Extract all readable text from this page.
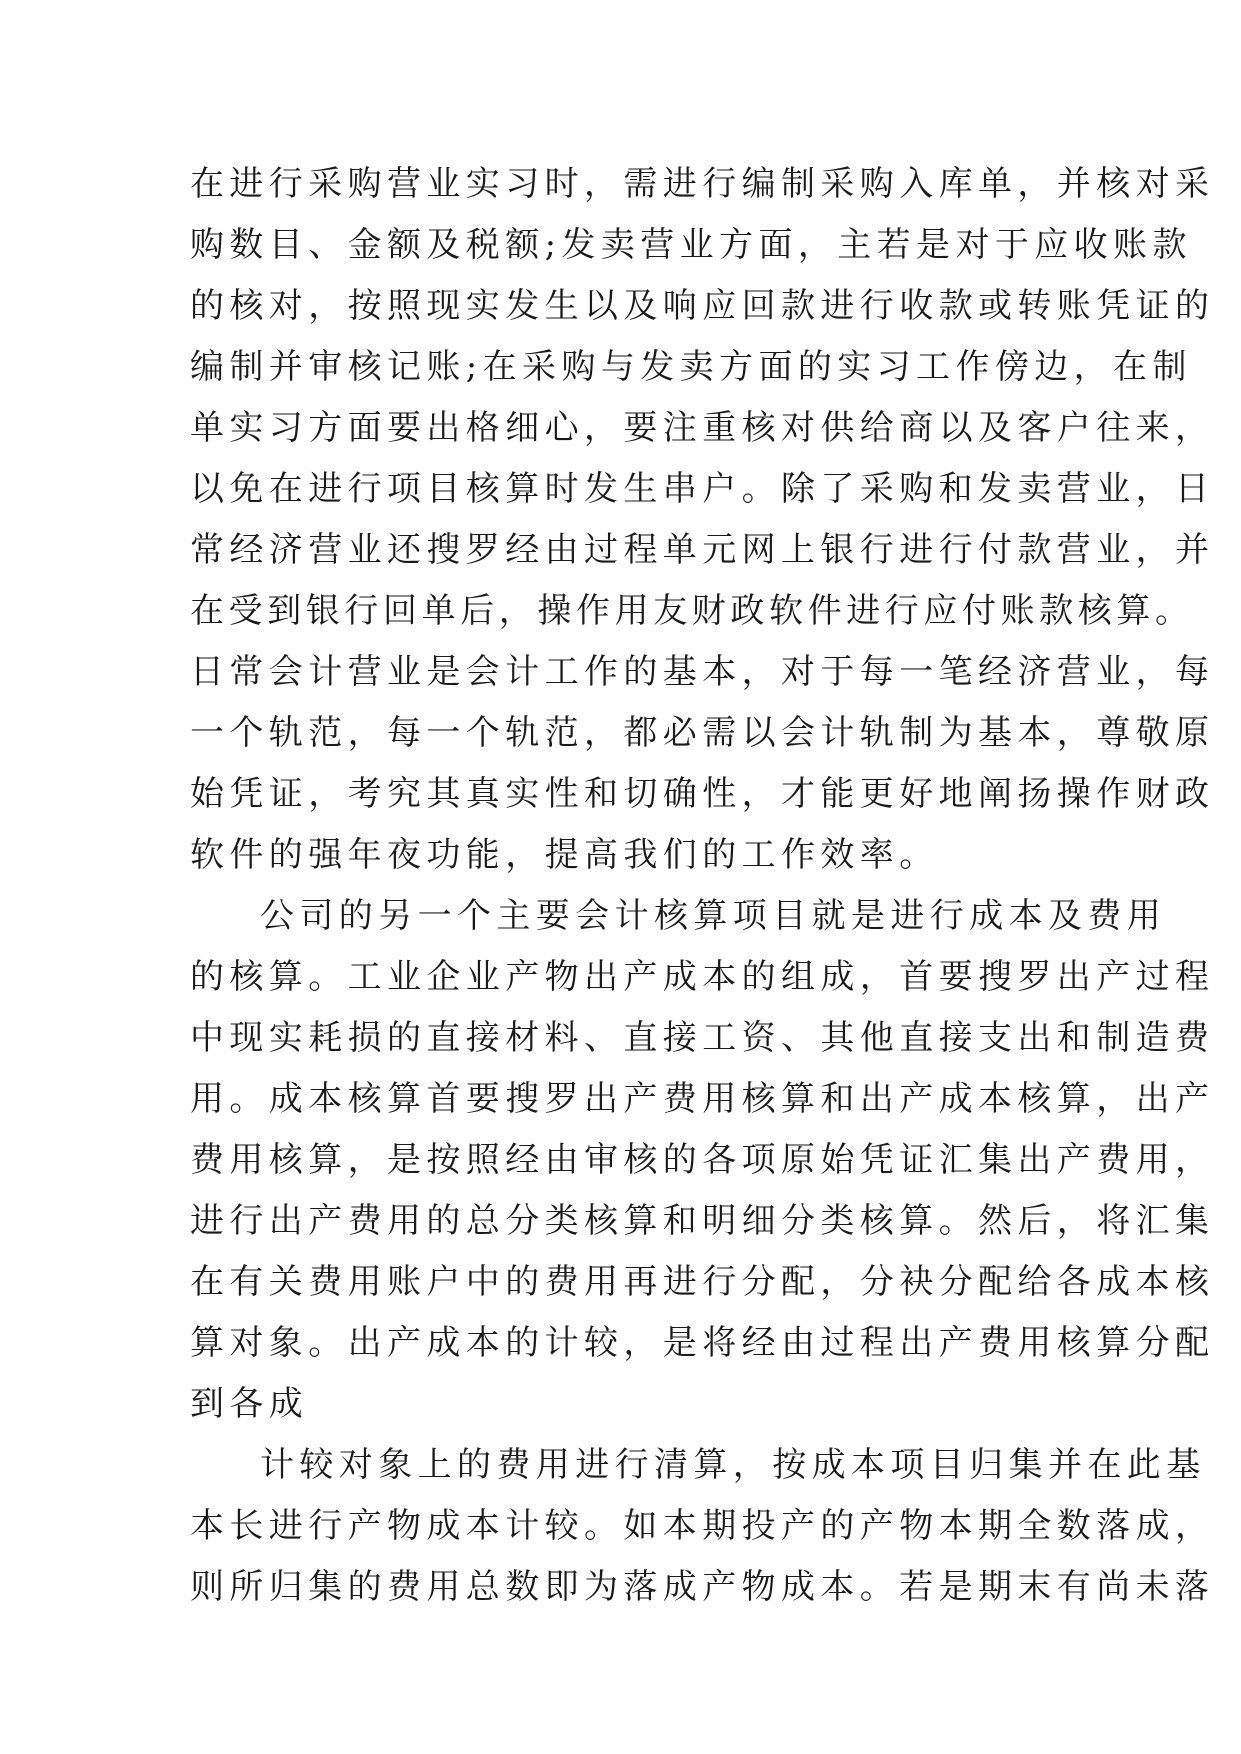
在进行采购营业实习时，需进行编制采购入库单，并核对采
购数目、金额及税额;发卖营业方面，主若是对于应收账款
的核对，按照现实发生以及响应回款进行收款或转账凭证的
编制并审核记账;在采购与发卖方面的实习工作傍边，在制
单实习方面要出格细心，要注重核对供给商以及客户往来，
以免在进行项目核算时发生串户。除了采购和发卖营业，日
常经济营业还搜罗经由过程单元网上银行进行付款营业，并
在受到银行回单后，操作用友财政软件进行应付账款核算。
日常会计营业是会计工作的基本，对于每一笔经济营业，每
一个轨范，每一个轨范，都必需以会计轨制为基本，尊敬原
始凭证，考究其真实性和切确性，才能更好地阐扬操作财政
软件的强年夜功能，提高我们的工作效率。
公司的另一个主要会计核算项目就是进行成本及费用
的核算。工业企业产物出产成本的组成，首要搜罗出产过程
中现实耗损的直接材料、直接工资、其他直接支出和制造费
用。成本核算首要搜罗出产费用核算和出产成本核算，出产
费用核算，是按照经由审核的各项原始凭证汇集出产费用，
进行出产费用的总分类核算和明细分类核算。然后，将汇集
在有关费用账户中的费用再进行分配，分袂分配给各成本核
算对象。出产成本的计较，是将经由过程出产费用核算分配
到各成
计较对象上的费用进行清算，按成本项目归集并在此基
本长进行产物成本计较。如本期投产的产物本期全数落成，
则所归集的费用总数即为落成产物成本。若是期末有尚未落
